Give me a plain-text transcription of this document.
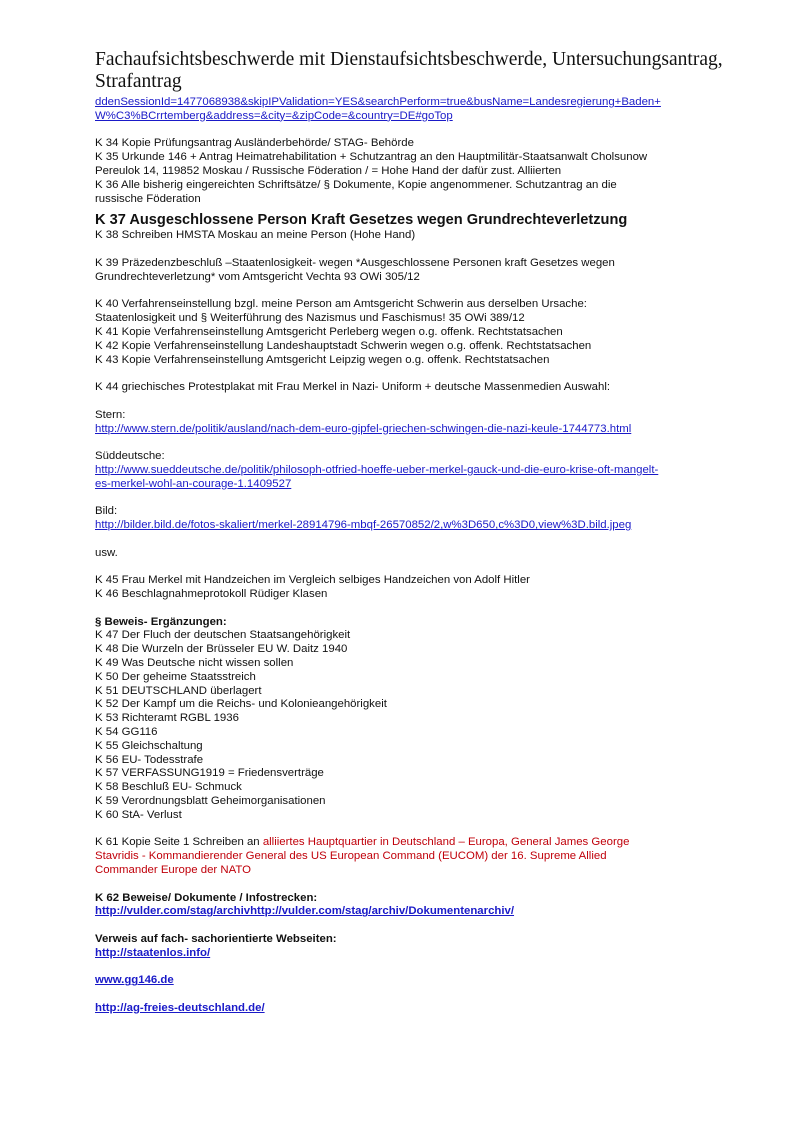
Fachaufsichtsbeschwerde mit Dienstaufsichtsbeschwerde, Untersuchungsantrag,
Strafantrag
ddenSessionId=1477068938&skipIPValidation=YES&searchPerform=true&busName=Landesregierung+Baden+
W%C3%BCrrtemberg&address=&city=&zipCode=&country=DE#goTop
K 34 Kopie Prüfungsantrag Ausländerbehörde/ STAG- Behörde
K 35 Urkunde 146 + Antrag Heimatrehabilitation + Schutzantrag an den Hauptmilitär-Staatsanwalt Cholsunow
Pereulok 14, 119852 Moskau / Russische Föderation / = Hohe Hand der dafür zust. Alliierten
K 36 Alle bisherig eingereichten Schriftsätze/ § Dokumente, Kopie angenommener. Schutzantrag an die
russische Föderation
K 37 Ausgeschlossene Person Kraft Gesetzes wegen Grundrechteverletzung
K 38 Schreiben HMSTA Moskau an meine Person (Hohe Hand)
K 39 Präzedenzbeschluß –Staatenlosigkeit- wegen *Ausgeschlossene Personen kraft Gesetzes wegen
Grundrechteverletzung* vom Amtsgericht Vechta 93 OWi 305/12
K 40 Verfahrenseinstellung bzgl. meine Person am Amtsgericht Schwerin aus derselben Ursache:
Staatenlosigkeit und § Weiterführung des Nazismus und Faschismus! 35 OWi 389/12
K 41 Kopie Verfahrenseinstellung Amtsgericht Perleberg wegen o.g. offenk. Rechtstatsachen
K 42 Kopie Verfahrenseinstellung Landeshauptstadt Schwerin wegen o.g. offenk. Rechtstatsachen
K 43 Kopie Verfahrenseinstellung Amtsgericht Leipzig wegen o.g. offenk. Rechtstatsachen
K 44 griechisches Protestplakat mit Frau Merkel in Nazi- Uniform + deutsche Massenmedien Auswahl:
Stern:
http://www.stern.de/politik/ausland/nach-dem-euro-gipfel-griechen-schwingen-die-nazi-keule-1744773.html
Süddeutsche:
http://www.sueddeutsche.de/politik/philosoph-otfried-hoeffe-ueber-merkel-gauck-und-die-euro-krise-oft-mangelt-
es-merkel-wohl-an-courage-1.1409527
Bild:
http://bilder.bild.de/fotos-skaliert/merkel-28914796-mbqf-26570852/2,w%3D650,c%3D0,view%3D.bild.jpeg
usw.
K 45 Frau Merkel mit Handzeichen im Vergleich selbiges Handzeichen von Adolf Hitler
K 46 Beschlagnahmeprotokoll Rüdiger Klasen
§ Beweis- Ergänzungen:
K 47 Der Fluch der deutschen Staatsangehörigkeit
K 48 Die Wurzeln der Brüsseler EU W. Daitz 1940
K 49 Was Deutsche nicht wissen sollen
K 50 Der geheime Staatsstreich
K 51 DEUTSCHLAND überlagert
K 52 Der Kampf um die Reichs- und Kolonieangehörigkeit
K 53 Richteramt RGBL 1936
K 54 GG116
K 55 Gleichschaltung
K 56 EU- Todesstrafe
K 57 VERFASSUNG1919 = Friedensverträge
K 58 Beschluß EU- Schmuck
K 59 Verordnungsblatt Geheimorganisationen
K 60 StA- Verlust
K 61 Kopie Seite 1 Schreiben an alliiertes Hauptquartier in Deutschland – Europa, General James George
Stavridis - Kommandierender General des US European Command (EUCOM) der 16. Supreme Allied
Commander Europe der NATO
K 62 Beweise/ Dokumente / Infostrecken:
http://vulder.com/stag/archivhttp://vulder.com/stag/archiv/Dokumentenarchiv/
Verweis auf fach- sachorientierte Webseiten:
http://staatenlos.info/
www.gg146.de
http://ag-freies-deutschland.de/
